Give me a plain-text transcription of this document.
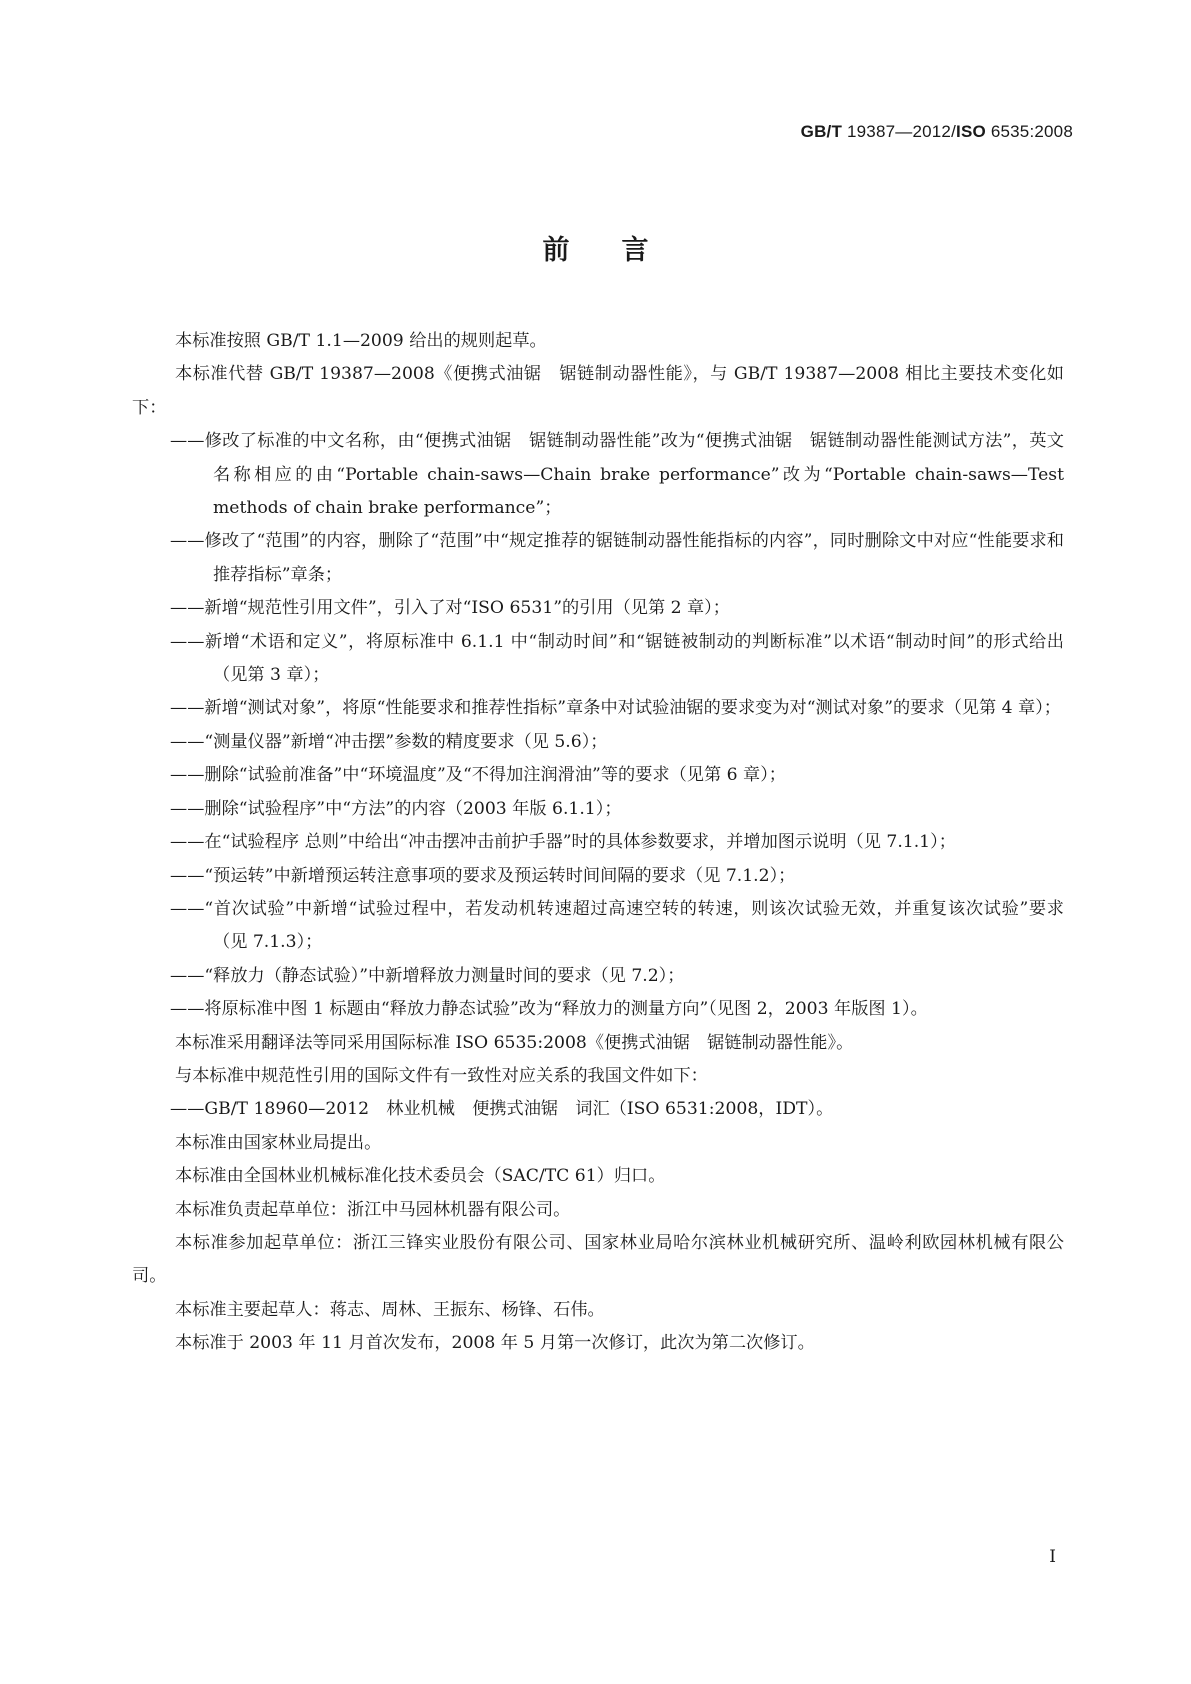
GB/T 19387—2012/ISO 6535:2008
前言

本标准按照 GB/T 1.1—2009 给出的规则起草。

本标准代替 GB/T 19387—2008《便携式油锯　锯链制动器性能》，与 GB/T 19387—2008 相比主要技术变化如下：

——修改了标准的中文名称，由“便携式油锯　锯链制动器性能”改为“便携式油锯　锯链制动器性能测试方法”，英文名称相应的由“Portable chain-saws—Chain brake performance”改为“Portable chain-saws—Test methods of chain brake performance”；

——修改了“范围”的内容，删除了“范围”中“规定推荐的锯链制动器性能指标的内容”，同时删除文中对应“性能要求和推荐指标”章条；

——新增“规范性引用文件”，引入了对“ISO 6531”的引用（见第 2 章）；

——新增“术语和定义”，将原标准中 6.1.1 中“制动时间”和“锯链被制动的判断标准”以术语“制动时间”的形式给出（见第 3 章）；

——新增“测试对象”，将原“性能要求和推荐性指标”章条中对试验油锯的要求变为对“测试对象”的要求（见第 4 章）；

——“测量仪器”新增“冲击摆”参数的精度要求（见 5.6）；

——删除“试验前准备”中“环境温度”及“不得加注润滑油”等的要求（见第 6 章）；

——删除“试验程序”中“方法”的内容（2003 年版 6.1.1）；

——在“试验程序 总则”中给出“冲击摆冲击前护手器”时的具体参数要求，并增加图示说明（见 7.1.1）；

——“预运转”中新增预运转注意事项的要求及预运转时间间隔的要求（见 7.1.2）；

——“首次试验”中新增“试验过程中，若发动机转速超过高速空转的转速，则该次试验无效，并重复该次试验”要求（见 7.1.3）；

——“释放力（静态试验）”中新增释放力测量时间的要求（见 7.2）；

——将原标准中图 1 标题由“释放力静态试验”改为“释放力的测量方向”（见图 2，2003 年版图 1）。

本标准采用翻译法等同采用国际标准 ISO 6535:2008《便携式油锯　锯链制动器性能》。

与本标准中规范性引用的国际文件有一致性对应关系的我国文件如下：

——GB/T 18960—2012　林业机械　便携式油锯　词汇（ISO 6531:2008，IDT）。

本标准由国家林业局提出。

本标准由全国林业机械标准化技术委员会（SAC/TC 61）归口。

本标准负责起草单位：浙江中马园林机器有限公司。

本标准参加起草单位：浙江三锋实业股份有限公司、国家林业局哈尔滨林业机械研究所、温岭利欧园林机械有限公司。

本标准主要起草人：蒋志、周林、王振东、杨锋、石伟。

本标准于 2003 年 11 月首次发布，2008 年 5 月第一次修订，此次为第二次修订。

I
